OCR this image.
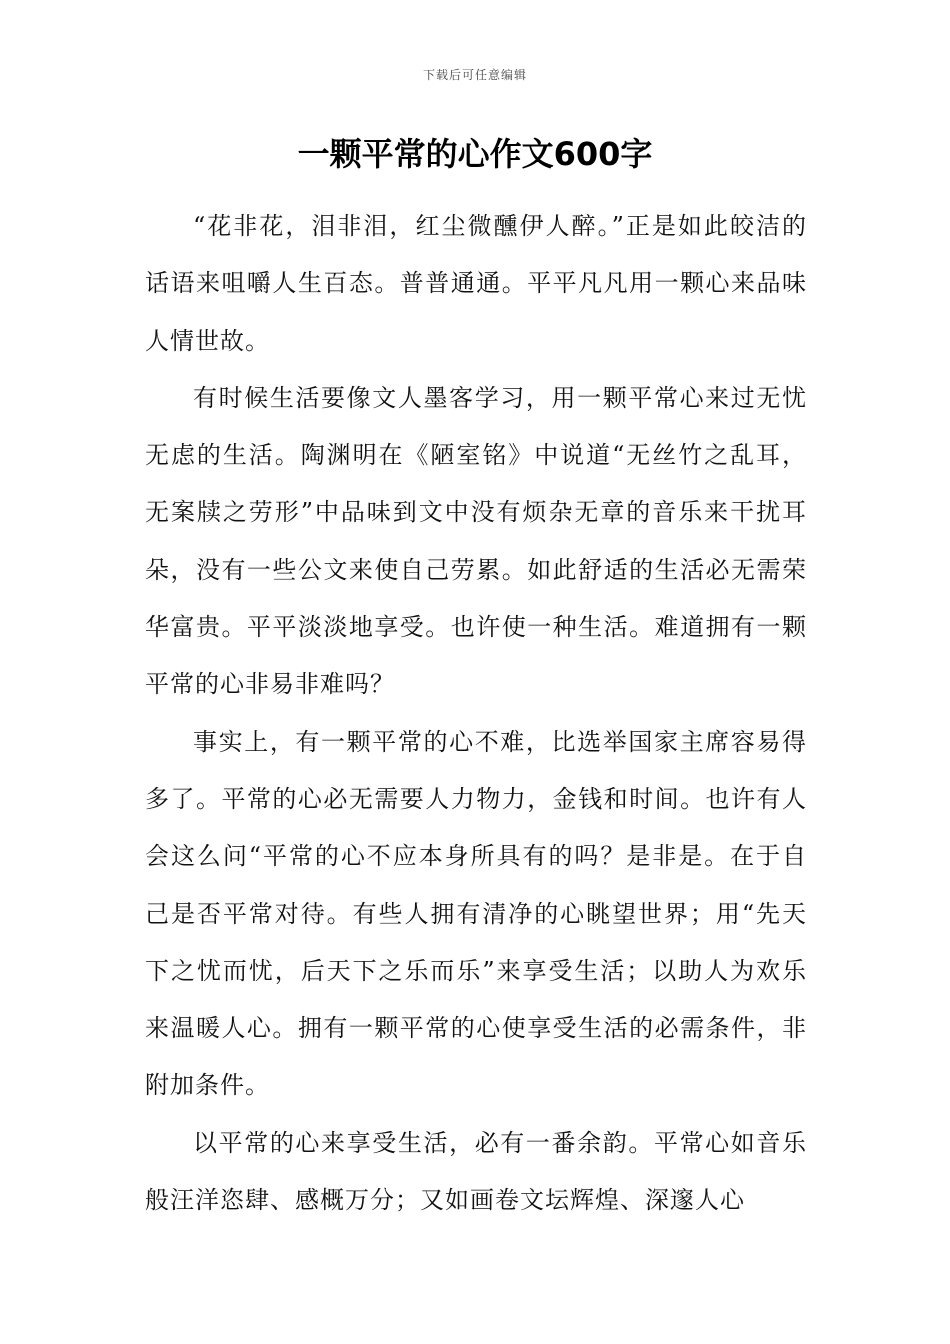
下载后可任意编辑
一颗平常的心作文600字

“花非花，泪非泪，红尘微醺伊人醉。”正是如此皎洁的话语来咀嚼人生百态。普普通通。平平凡凡用一颗心来品味人情世故。

有时候生活要像文人墨客学习，用一颗平常心来过无忧无虑的生活。陶渊明在《陋室铭》中说道“无丝竹之乱耳，无案牍之劳形”中品味到文中没有烦杂无章的音乐来干扰耳朵，没有一些公文来使自己劳累。如此舒适的生活必无需荣华富贵。平平淡淡地享受。也许使一种生活。难道拥有一颗平常的心非易非难吗？

事实上，有一颗平常的心不难，比选举国家主席容易得多了。平常的心必无需要人力物力，金钱和时间。也许有人会这么问“平常的心不应本身所具有的吗？是非是。在于自己是否平常对待。有些人拥有清净的心眺望世界；用“先天下之忧而忧，后天下之乐而乐”来享受生活；以助人为欢乐来温暖人心。拥有一颗平常的心使享受生活的必需条件，非附加条件。

以平常的心来享受生活，必有一番余韵。平常心如音乐般汪洋恣肆、感概万分；又如画卷文坛辉煌、深邃人心
